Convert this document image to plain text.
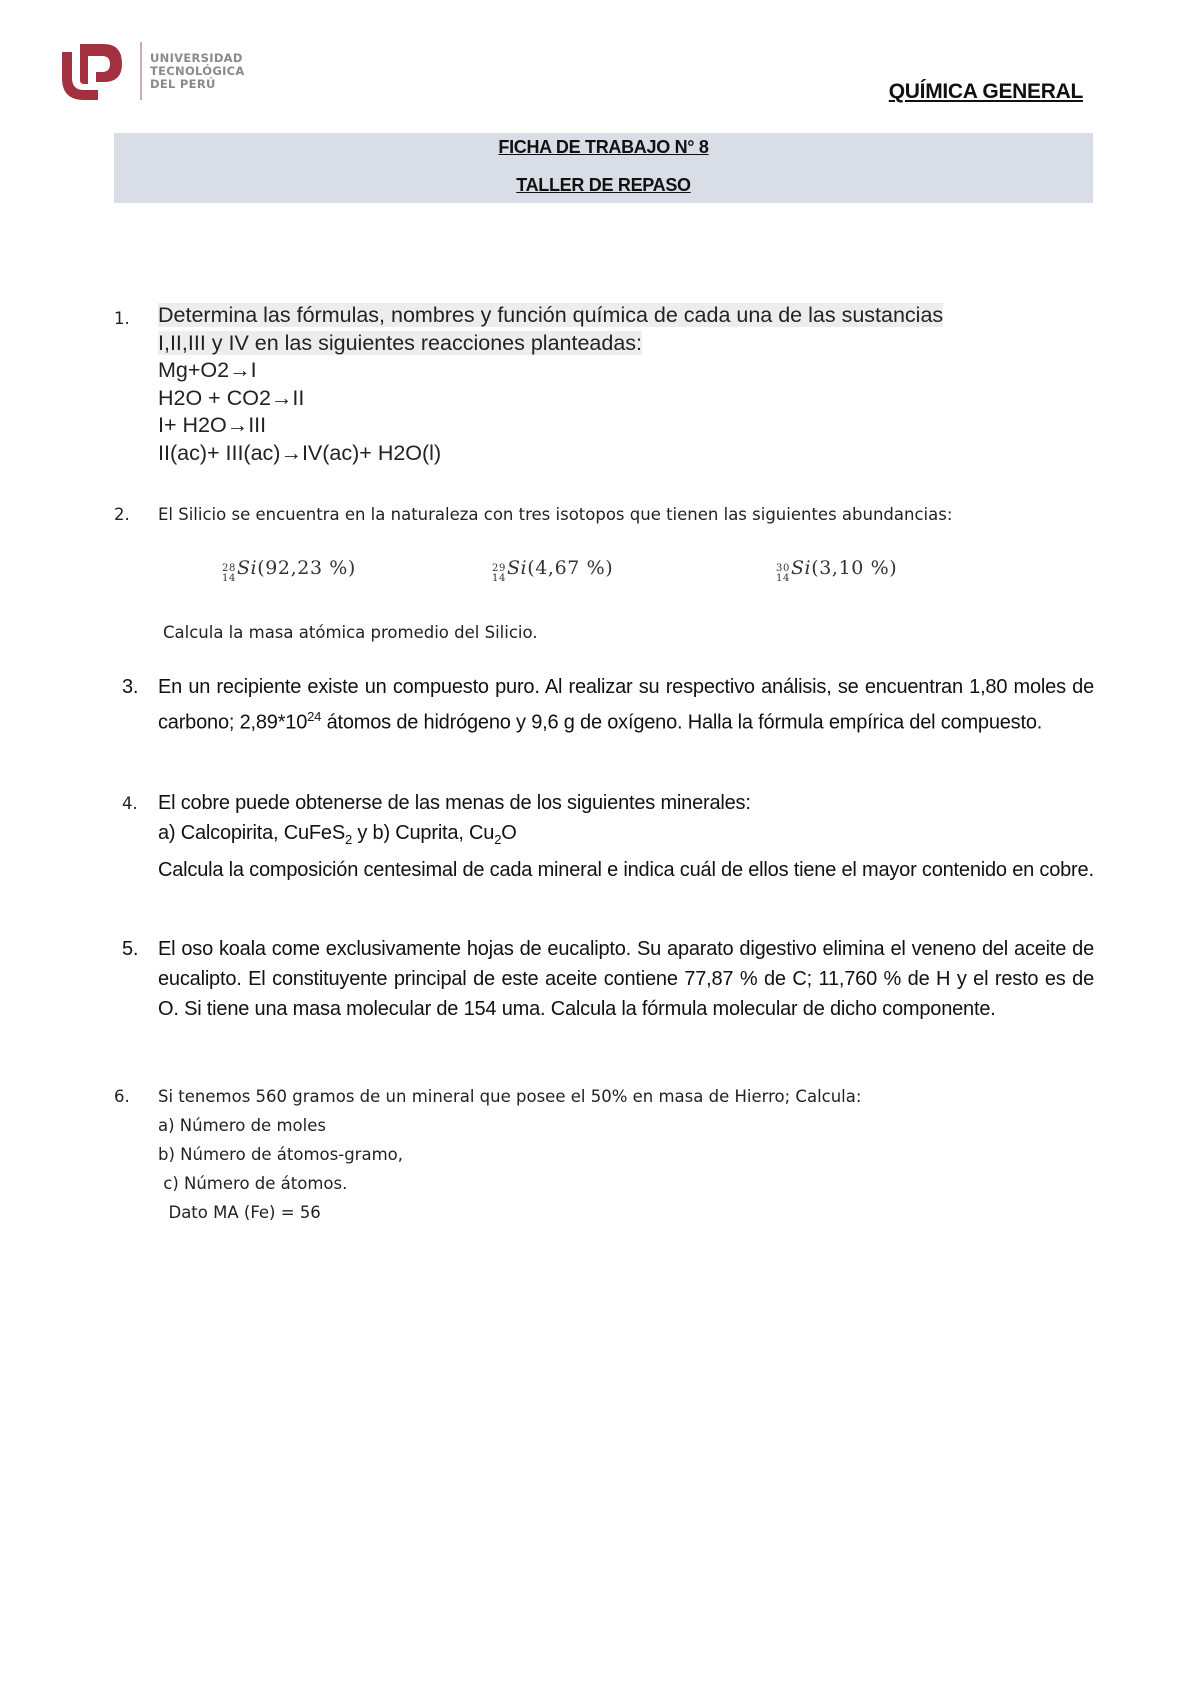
UNIVERSIDAD
TECNOLÓGICA
DEL PERÚ	QUÍMICA GENERAL
FICHA DE TRABAJO N° 8
TALLER DE REPASO
1. Determina las fórmulas, nombres y función química de cada una de las sustancias
I,II,III y IV en las siguientes reacciones planteadas:
Mg+O2→I
H2O + CO2→II
I+ H2O→III
II(ac)+ III(ac)→IV(ac)+ H2O(l)
2. El Silicio se encuentra en la naturaleza con tres isotopos que tienen las siguientes abundancias:
28
14 Si(92,23 %)	29
14 Si(4,67 %)	30
14 Si(3,10 %)
Calcula la masa atómica promedio del Silicio.
3. En un recipiente existe un compuesto puro. Al realizar su respectivo análisis, se encuentran 1,80 moles de carbono; $2,89*10^{24}$ átomos de hidrógeno y 9,6 g de oxígeno. Halla la fórmula empírica del compuesto.
4. El cobre puede obtenerse de las menas de los siguientes minerales:
a) Calcopirita, CuFeS$_2$ y b) Cuprita, $Cu_2O$
Calcula la composición centesimal de cada mineral e indica cuál de ellos tiene el mayor contenido en cobre.
5. El oso koala come exclusivamente hojas de eucalipto. Su aparato digestivo elimina el veneno del aceite de eucalipto. El constituyente principal de este aceite contiene 77,87 % de C; 11,760 % de H y el resto es de O. Si tiene una masa molecular de 154 uma. Calcula la fórmula molecular de dicho componente.
6. Si tenemos 560 gramos de un mineral que posee el 50% en masa de Hierro; Calcula:
a) Número de moles
b) Número de átomos-gramo,
c) Número de átomos.
Dato MA (Fe) = 56
